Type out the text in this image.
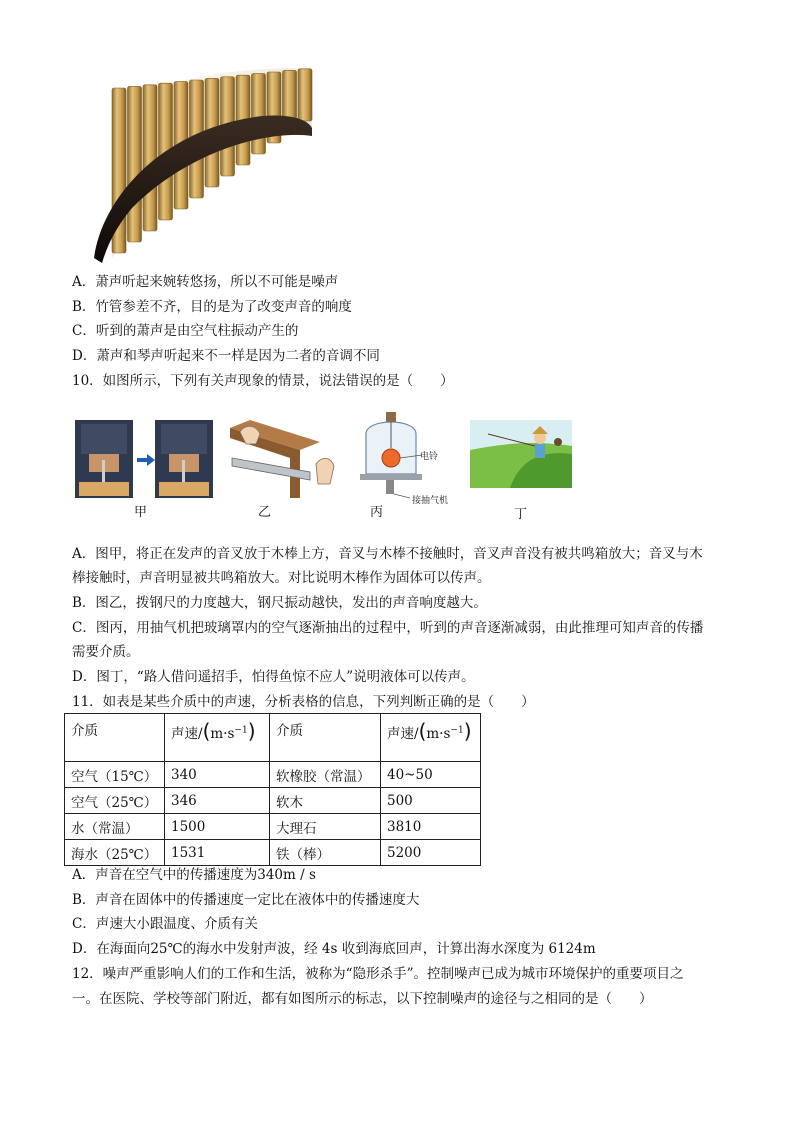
A．萧声听起来婉转悠扬，所以不可能是噪声
B．竹管参差不齐，目的是为了改变声音的响度
C．听到的萧声是由空气柱振动产生的
D．萧声和琴声听起来不一样是因为二者的音调不同
10．如图所示，下列有关声现象的情景，说法错误的是（　　）
甲	乙
电铃
接抽气机
丙	丁
A．图甲，将正在发声的音叉放于木棒上方，音叉与木棒不接触时，音叉声音没有被共鸣箱放大；音叉与木
棒接触时，声音明显被共鸣箱放大。对比说明木棒作为固体可以传声。
B．图乙，拨钢尺的力度越大，钢尺振动越快，发出的声音响度越大。
C．图丙，用抽气机把玻璃罩内的空气逐渐抽出的过程中，听到的声音逐渐减弱，由此推理可知声音的传播
需要介质。
D．图丁，“路人借问遥招手，怕得鱼惊不应人”说明液体可以传声。
11．如表是某些介质中的声速，分析表格的信息，下列判断正确的是（　　）
介质	声速$/(m\cdot s^{-1})$	介质	声速$/(m\cdot s^{-1})$
空气（15℃）	340	软橡胶（常温）	40~50
空气（25℃）	346	软木	500
水（常温）	1500	大理石	3810
海水（25℃）	1531	铁（棒）	5200
A．声音在空气中的传播速度为340m / s
B．声音在固体中的传播速度一定比在液体中的传播速度大
C．声速大小跟温度、介质有关
D．在海面向25℃的海水中发射声波，经 4s 收到海底回声，计算出海水深度为 6124m
12．噪声严重影响人们的工作和生活，被称为“隐形杀手”。控制噪声已成为城市环境保护的重要项目之
一。在医院、学校等部门附近，都有如图所示的标志，以下控制噪声的途径与之相同的是（　　）
